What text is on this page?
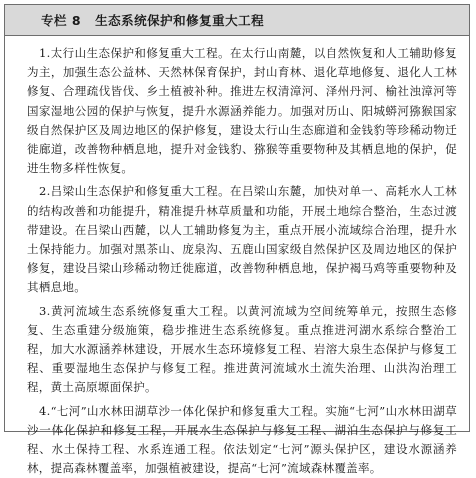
专栏 8 生态系统保护和修复重大工程

1.太行山生态保护和修复重大工程。在太行山南麓，以自然恢复和人工辅助修复为主，加强生态公益林、天然林保育保护，封山育林、退化草地修复、退化人工林修复、合理疏伐皆伐、乡土植被补种。推进左权清漳河、泽州丹河、榆社浊漳河等国家湿地公园的保护与恢复，提升水源涵养能力。加强对历山、阳城蟒河猕猴国家级自然保护区及周边地区的保护修复，建设太行山生态廊道和金钱豹等珍稀动物迁徙廊道，改善物种栖息地，提升对金钱豹、猕猴等重要物种及其栖息地的保护，促进生物多样性恢复。

2.吕梁山生态保护和修复重大工程。在吕梁山东麓，加快对单一、高耗水人工林的结构改善和功能提升，精准提升林草质量和功能，开展土地综合整治，生态过渡带建设。在吕梁山西麓，以人工辅助修复为主，重点开展小流域综合治理，提升水土保持能力。加强对黑茶山、庞泉沟、五鹿山国家级自然保护区及周边地区的保护修复，建设吕梁山珍稀动物迁徙廊道，改善物种栖息地，保护褐马鸡等重要物种及其栖息地。

3.黄河流域生态系统修复重大工程。以黄河流域为空间统筹单元，按照生态修复、生态重建分级施策，稳步推进生态系统修复。重点推进河湖水系综合整治工程，加大水源涵养林建设，开展水生态环境修复工程、岩溶大泉生态保护与修复工程、重要湿地生态保护与修复工程。推进黄河流域水土流失治理、山洪沟治理工程，黄土高原塬面保护。

4.“七河”山水林田湖草沙一体化保护和修复重大工程。实施“七河”山水林田湖草沙一体化保护和修复工程，开展水生态保护与修复工程、湖泊生态保护与修复工程、水土保持工程、水系连通工程。依法划定“七河”源头保护区，建设水源涵养林，提高森林覆盖率，加强植被建设，提高“七河”流域森林覆盖率。
